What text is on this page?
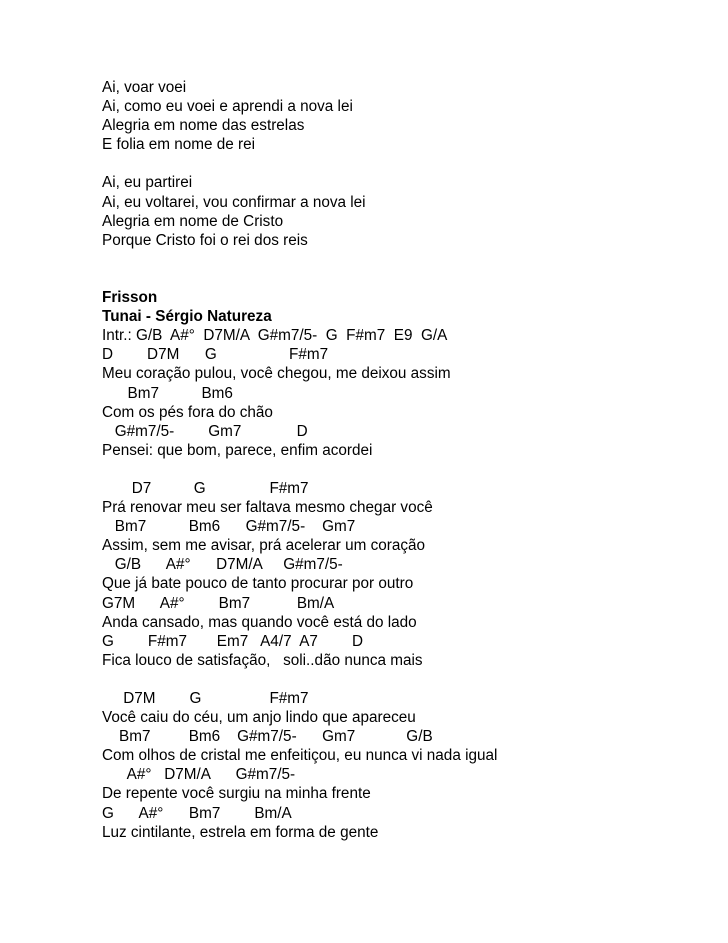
Ai, voar voei
Ai, como eu voei e aprendi a nova lei
Alegria em nome das estrelas
E folia em nome de rei
Ai, eu partirei
Ai, eu voltarei, vou confirmar a nova lei
Alegria em nome de Cristo
Porque Cristo foi o rei dos reis
Frisson
Tunai - Sérgio Natureza
Intr.: G/B  A#°  D7M/A  G#m7/5-  G  F#m7  E9  G/A
D        D7M      G                 F#m7
Meu coração pulou, você chegou, me deixou assim
Bm7          Bm6
Com os pés fora do chão
G#m7/5-        Gm7             D
Pensei: que bom, parece, enfim acordei
D7          G               F#m7
Prá renovar meu ser faltava mesmo chegar você
Bm7          Bm6      G#m7/5-    Gm7
Assim, sem me avisar, prá acelerar um coração
G/B      A#°      D7M/A     G#m7/5-
Que já bate pouco de tanto procurar por outro
G7M      A#°        Bm7           Bm/A
Anda cansado, mas quando você está do lado
G        F#m7       Em7   A4/7  A7        D
Fica louco de satisfação,   soli..dão nunca mais
D7M        G                F#m7
Você caiu do céu, um anjo lindo que apareceu
Bm7         Bm6    G#m7/5-      Gm7            G/B
Com olhos de cristal me enfeitiçou, eu nunca vi nada igual
A#°   D7M/A      G#m7/5-
De repente você surgiu na minha frente
G      A#°      Bm7        Bm/A
Luz cintilante, estrela em forma de gente
